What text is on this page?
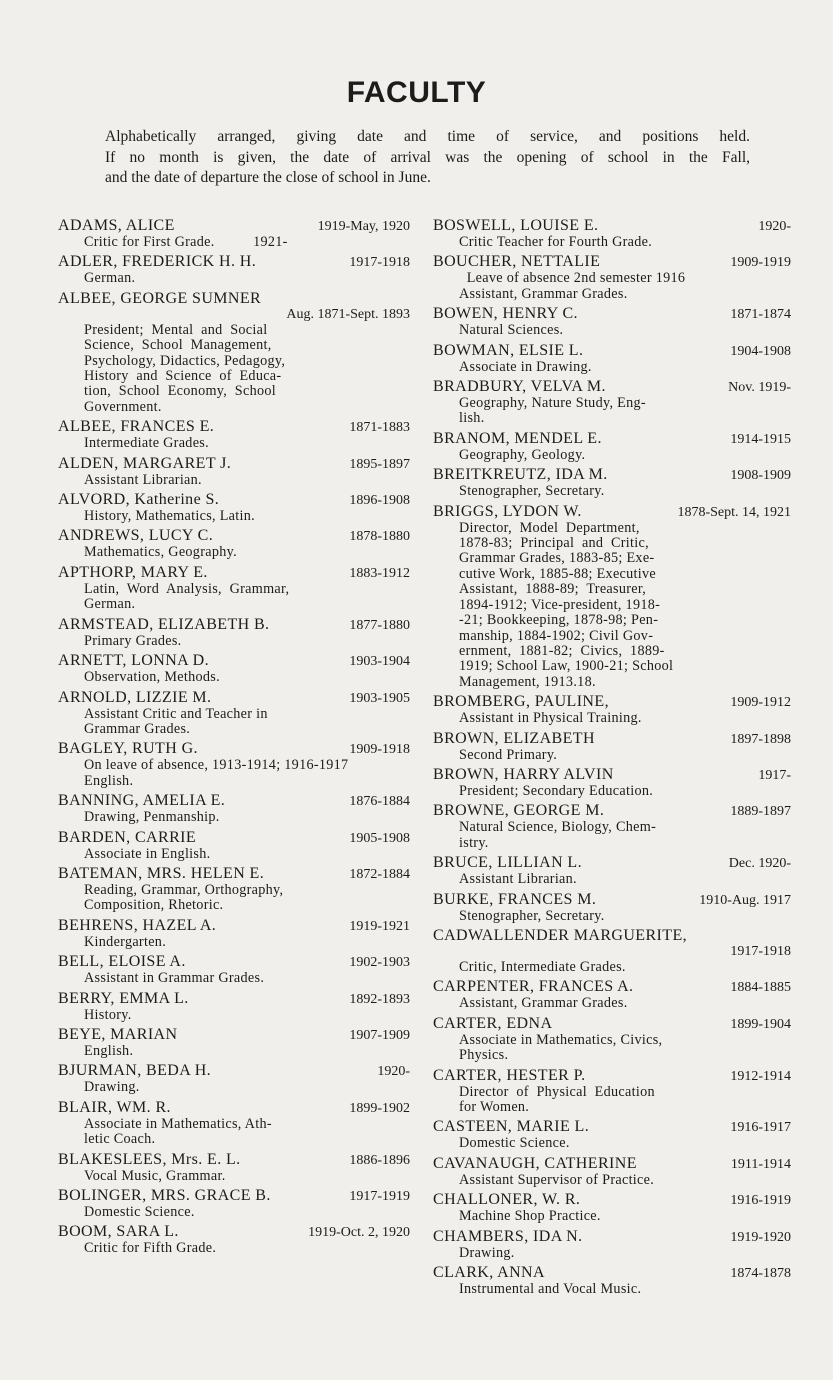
FACULTY
Alphabetically arranged, giving date and time of service, and positions held.
If no month is given, the date of arrival was the opening of school in the Fall,
and the date of departure the close of school in June.
ADAMS, ALICE	1919-May, 1920
Critic for First Grade.          1921-
ADLER, FREDERICK H. H.	1917-1918
German.
ALBEE, GEORGE SUMNER
Aug. 1871-Sept. 1893
President;  Mental  and  Social
Science,  School  Management,
Psychology, Didactics, Pedagogy,
History  and  Science  of  Educa-
tion,  School  Economy,  School
Government.
ALBEE, FRANCES E.	1871-1883
Intermediate Grades.
ALDEN, MARGARET J.	1895-1897
Assistant Librarian.
ALVORD, Katherine S.	1896-1908
History, Mathematics, Latin.
ANDREWS, LUCY C.	1878-1880
Mathematics, Geography.
APTHORP, MARY E.	1883-1912
Latin,  Word  Analysis,  Grammar,
German.
ARMSTEAD, ELIZABETH B.	1877-1880
Primary Grades.
ARNETT, LONNA D.	1903-1904
Observation, Methods.
ARNOLD, LIZZIE M.	1903-1905
Assistant Critic and Teacher in
Grammar Grades.
BAGLEY, RUTH G.	1909-1918
On leave of absence, 1913-1914; 1916-1917
English.
BANNING, AMELIA E.	1876-1884
Drawing, Penmanship.
BARDEN, CARRIE	1905-1908
Associate in English.
BATEMAN, MRS. HELEN E.	1872-1884
Reading, Grammar, Orthography,
Composition, Rhetoric.
BEHRENS, HAZEL A.	1919-1921
Kindergarten.
BELL, ELOISE A.	1902-1903
Assistant in Grammar Grades.
BERRY, EMMA L.	1892-1893
History.
BEYE, MARIAN	1907-1909
English.
BJURMAN, BEDA H.	1920-
Drawing.
BLAIR, WM. R.	1899-1902
Associate in Mathematics, Ath-
letic Coach.
BLAKESLEES, Mrs. E. L.	1886-1896
Vocal Music, Grammar.
BOLINGER, MRS. GRACE B.	1917-1919
Domestic Science.
BOOM, SARA L.	1919-Oct. 2, 1920
Critic for Fifth Grade.
BOSWELL, LOUISE E.	1920-
Critic Teacher for Fourth Grade.
BOUCHER, NETTALIE	1909-1919
Leave of absence 2nd semester 1916
Assistant, Grammar Grades.
BOWEN, HENRY C.	1871-1874
Natural Sciences.
BOWMAN, ELSIE L.	1904-1908
Associate in Drawing.
BRADBURY, VELVA M.	Nov. 1919-
Geography, Nature Study, Eng-
lish.
BRANOM, MENDEL E.	1914-1915
Geography, Geology.
BREITKREUTZ, IDA M.	1908-1909
Stenographer, Secretary.
BRIGGS, LYDON W.	1878-Sept. 14, 1921
Director,  Model  Department,
1878-83;  Principal  and  Critic,
Grammar Grades, 1883-85; Exe-
cutive Work, 1885-88; Executive
Assistant,  1888-89;  Treasurer,
1894-1912; Vice-president, 1918-
-21; Bookkeeping, 1878-98; Pen-
manship, 1884-1902; Civil Gov-
ernment,  1881-82;  Civics,  1889-
1919; School Law, 1900-21; School
Management, 1913.18.
BROMBERG, PAULINE,	1909-1912
Assistant in Physical Training.
BROWN, ELIZABETH	1897-1898
Second Primary.
BROWN, HARRY ALVIN	1917-
President; Secondary Education.
BROWNE, GEORGE M.	1889-1897
Natural Science, Biology, Chem-
istry.
BRUCE, LILLIAN L.	Dec. 1920-
Assistant Librarian.
BURKE, FRANCES M.	1910-Aug. 1917
Stenographer, Secretary.
CADWALLENDER MARGUERITE,
1917-1918
Critic, Intermediate Grades.
CARPENTER, FRANCES A.	1884-1885
Assistant, Grammar Grades.
CARTER, EDNA	1899-1904
Associate in Mathematics, Civics,
Physics.
CARTER, HESTER P.	1912-1914
Director  of  Physical  Education
for Women.
CASTEEN, MARIE L.	1916-1917
Domestic Science.
CAVANAUGH, CATHERINE	1911-1914
Assistant Supervisor of Practice.
CHALLONER, W. R.	1916-1919
Machine Shop Practice.
CHAMBERS, IDA N.	1919-1920
Drawing.
CLARK, ANNA	1874-1878
Instrumental and Vocal Music.
